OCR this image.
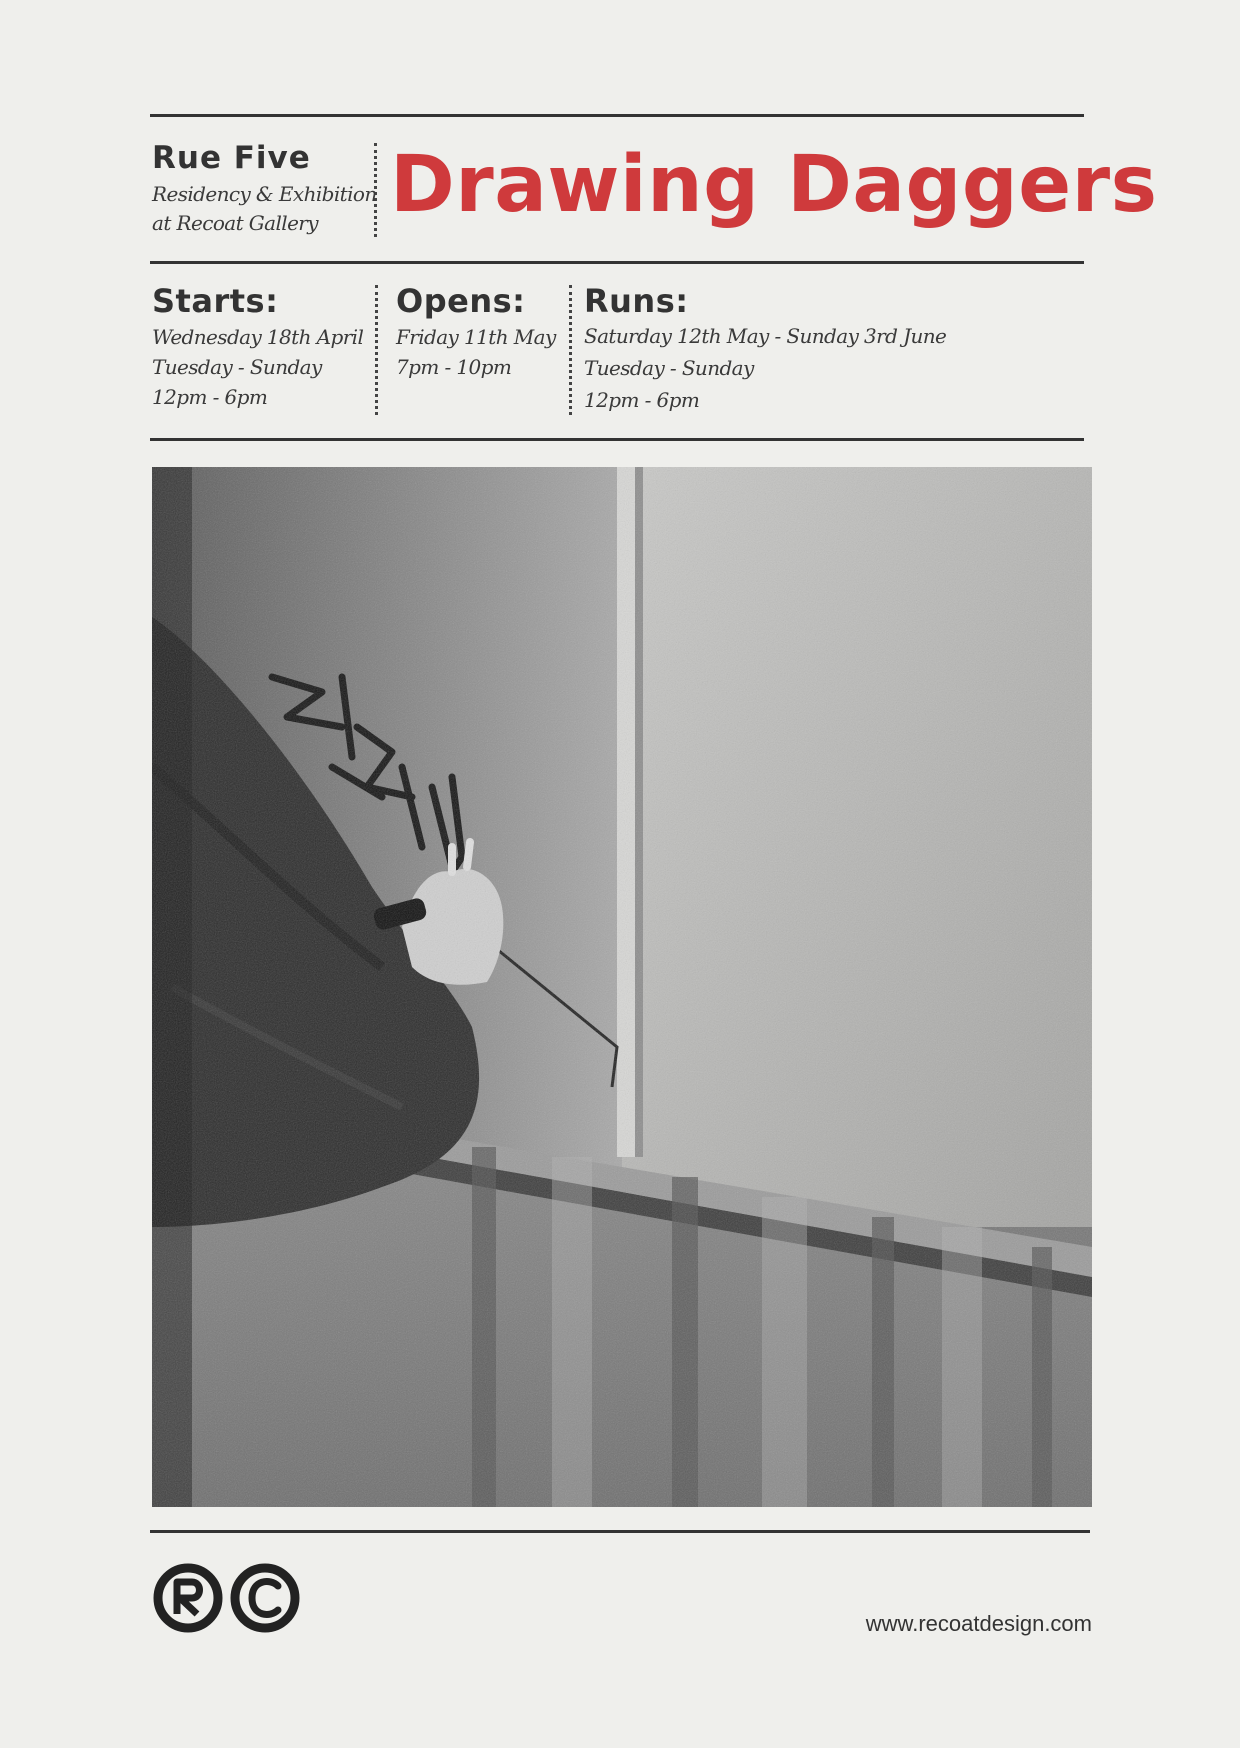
Rue Five
Residency & Exhibition
at Recoat Gallery Drawing Daggers
Starts:
Wednesday 18th April
Tuesday - Sunday
12pm - 6pm
Opens:
Friday 11th May
7pm - 10pm
Runs:
Saturday 12th May - Sunday 3rd June
Tuesday - Sunday
12pm - 6pm
www.recoatdesign.com
